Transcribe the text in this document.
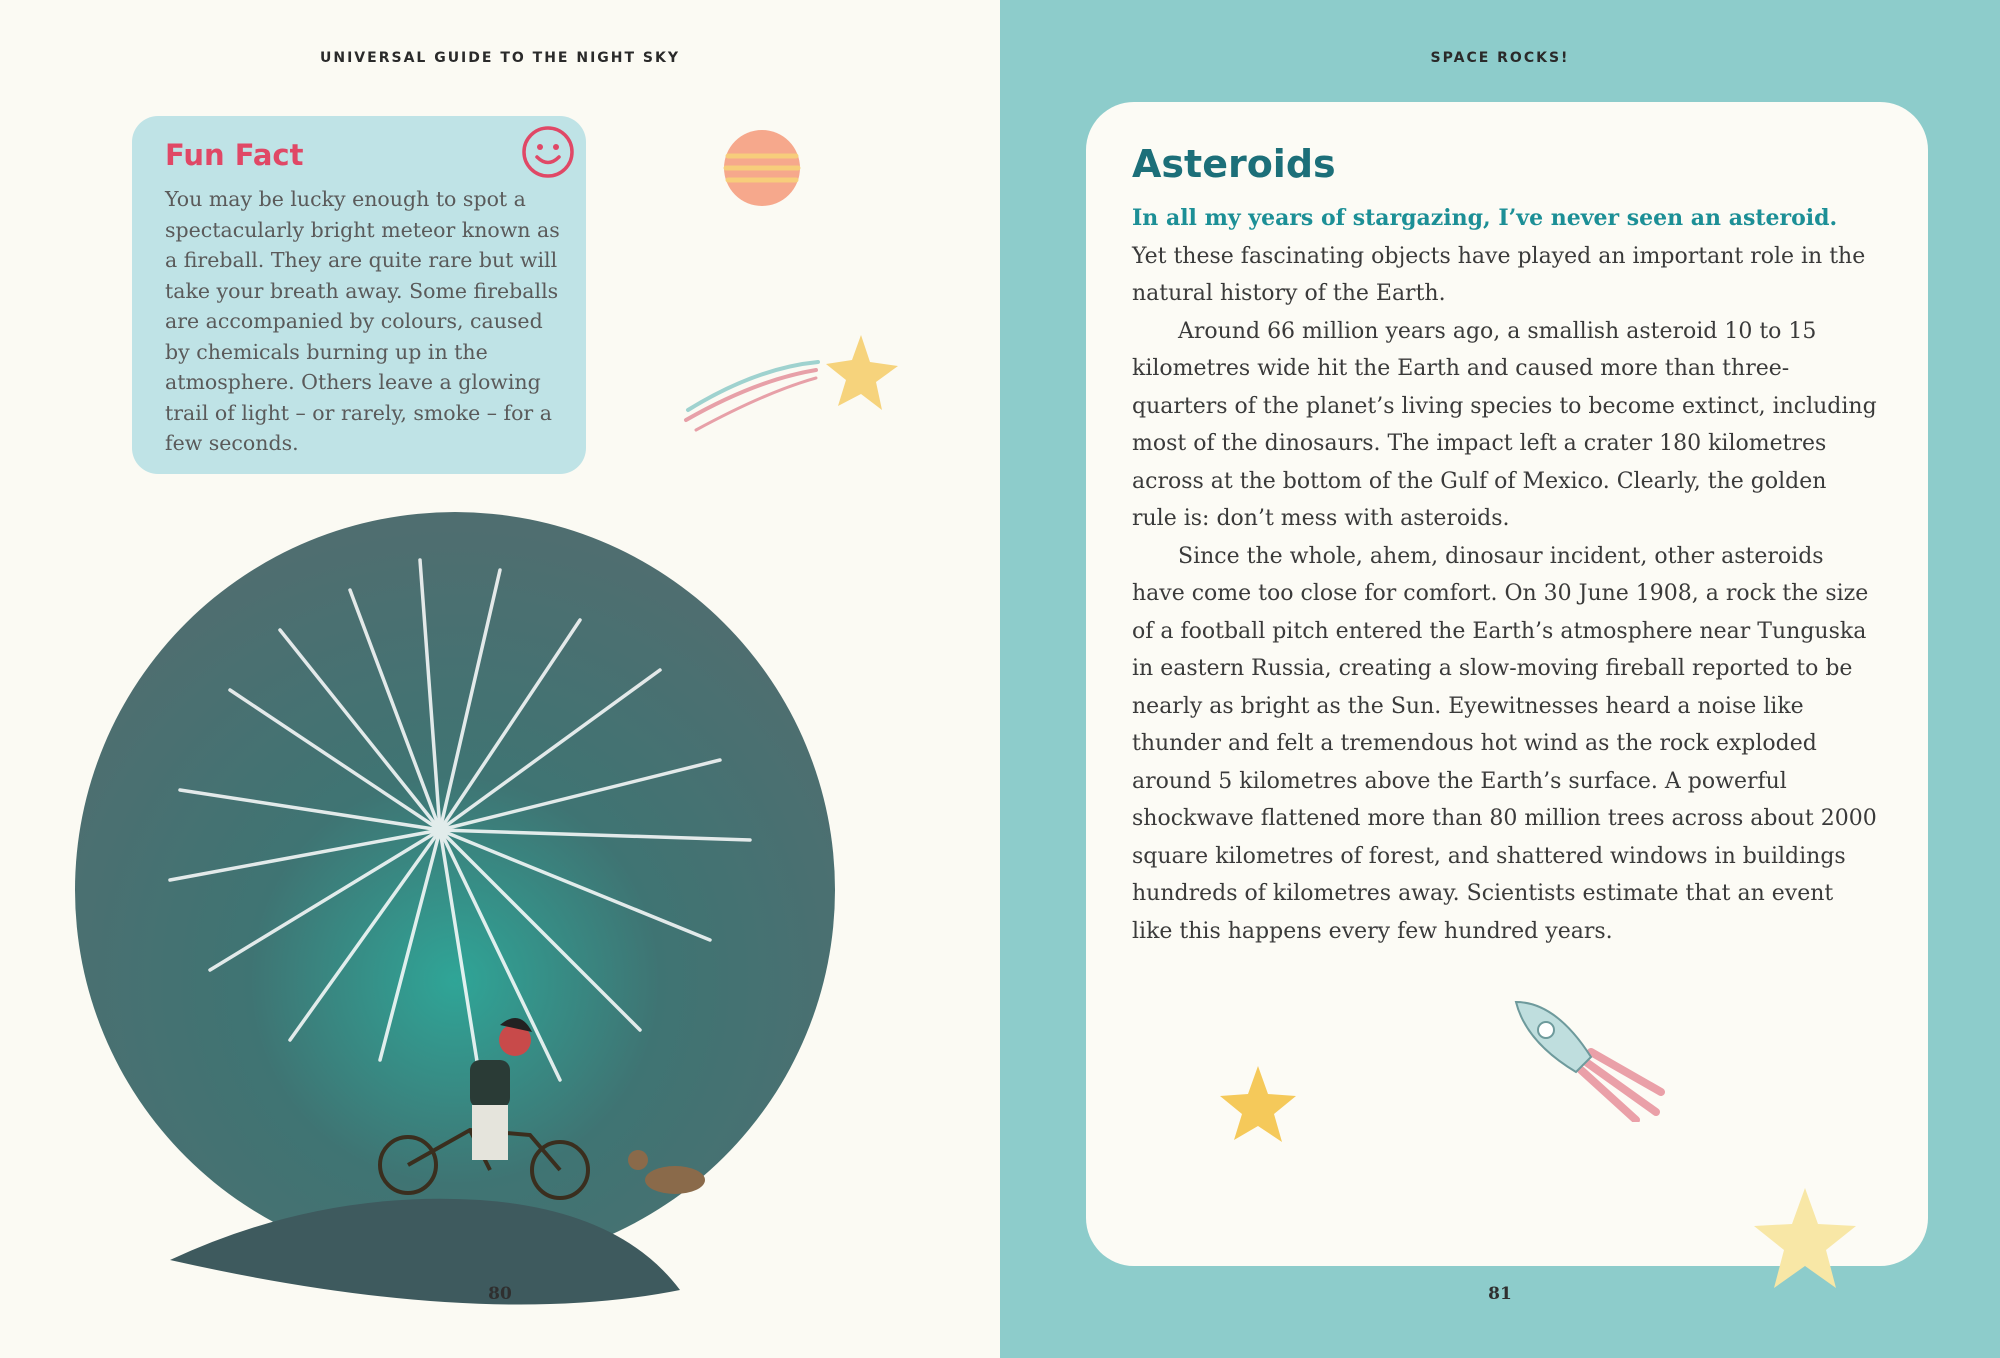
UNIVERSAL GUIDE TO THE NIGHT SKY
Fun Fact

You may be lucky enough to spot a spectacularly bright meteor known as a fireball. They are quite rare but will take your breath away. Some fireballs are accompanied by colours, caused by chemicals burning up in the atmosphere. Others leave a glowing trail of light – or rarely, smoke – for a few seconds.

80
SPACE ROCKS!
Asteroids

In all my years of stargazing, I’ve never seen an asteroid. Yet these fascinating objects have played an important role in the natural history of the Earth.

Around 66 million years ago, a smallish asteroid 10 to 15 kilometres wide hit the Earth and caused more than three-quarters of the planet’s living species to become extinct, including most of the dinosaurs. The impact left a crater 180 kilometres across at the bottom of the Gulf of Mexico. Clearly, the golden rule is: don’t mess with asteroids.

Since the whole, ahem, dinosaur incident, other asteroids have come too close for comfort. On 30 June 1908, a rock the size of a football pitch entered the Earth’s atmosphere near Tunguska in eastern Russia, creating a slow-moving fireball reported to be nearly as bright as the Sun. Eyewitnesses heard a noise like thunder and felt a tremendous hot wind as the rock exploded around 5 kilometres above the Earth’s surface. A powerful shockwave flattened more than 80 million trees across about 2000 square kilometres of forest, and shattered windows in buildings hundreds of kilometres away. Scientists estimate that an event like this happens every few hundred years.

81
